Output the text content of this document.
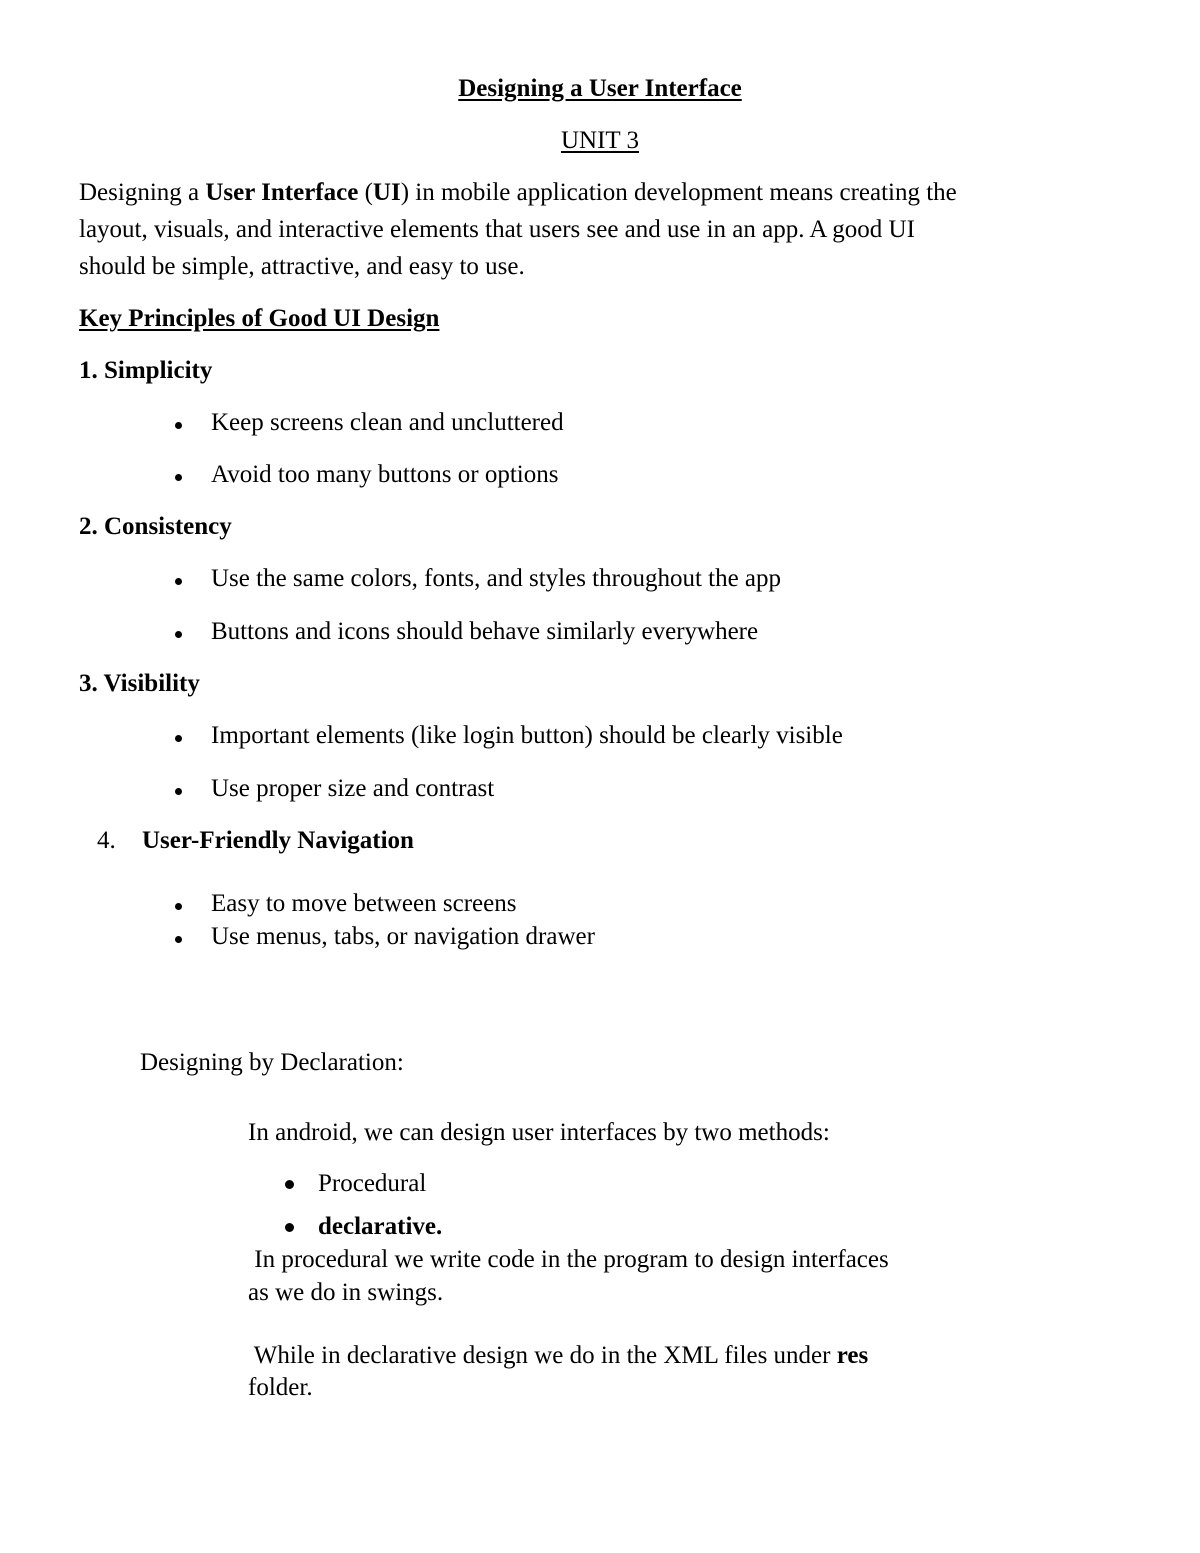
Designing a User Interface
UNIT 3
Designing a User Interface (UI) in mobile application development means creating the
layout, visuals, and interactive elements that users see and use in an app. A good UI
should be simple, attractive, and easy to use.
Key Principles of Good UI Design
1. Simplicity
Keep screens clean and uncluttered
Avoid too many buttons or options
2. Consistency
Use the same colors, fonts, and styles throughout the app
Buttons and icons should behave similarly everywhere
3. Visibility
Important elements (like login button) should be clearly visible
Use proper size and contrast
4. User-Friendly Navigation
Easy to move between screens
Use menus, tabs, or navigation drawer
Designing by Declaration:
In android, we can design user interfaces by two methods:
Procedural
declarative.
In procedural we write code in the program to design interfaces
as we do in swings.
While in declarative design we do in the XML files under res
folder.
